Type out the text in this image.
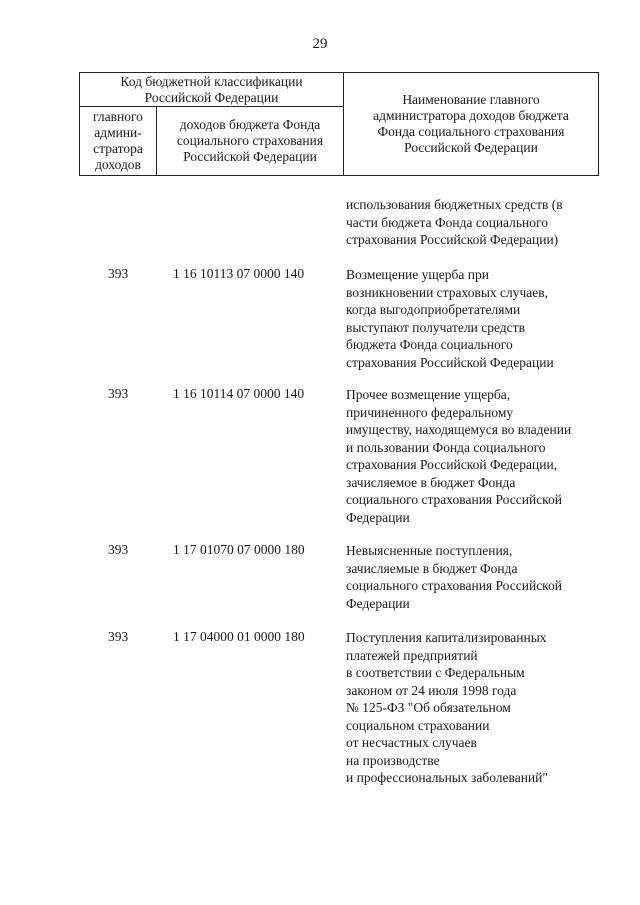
29
Код бюджетной классификации
Российской Федерации
главного
админи-
стратора
доходов
доходов бюджета Фонда
социального страхования
Российской Федерации
Наименование главного
администратора доходов бюджета
Фонда социального страхования
Российской Федерации
использования бюджетных средств (в
части бюджета Фонда социального
страхования Российской Федерации)
393	1 16 10113 07 0000 140	Возмещение ущерба при
возникновении страховых случаев,
когда выгодоприобретателями
выступают получатели средств
бюджета Фонда социального
страхования Российской Федерации
393	1 16 10114 07 0000 140	Прочее возмещение ущерба,
причиненного федеральному
имуществу, находящемуся во владении
и пользовании Фонда социального
страхования Российской Федерации,
зачисляемое в бюджет Фонда
социального страхования Российской
Федерации
393	1 17 01070 07 0000 180	Невыясненные поступления,
зачисляемые в бюджет Фонда
социального страхования Российской
Федерации
393	1 17 04000 01 0000 180	Поступления капитализированных
платежей предприятий
в соответствии с Федеральным
законом от 24 июля 1998 года
№ 125-ФЗ "Об обязательном
социальном страховании
от несчастных случаев
на производстве
и профессиональных заболеваний"
